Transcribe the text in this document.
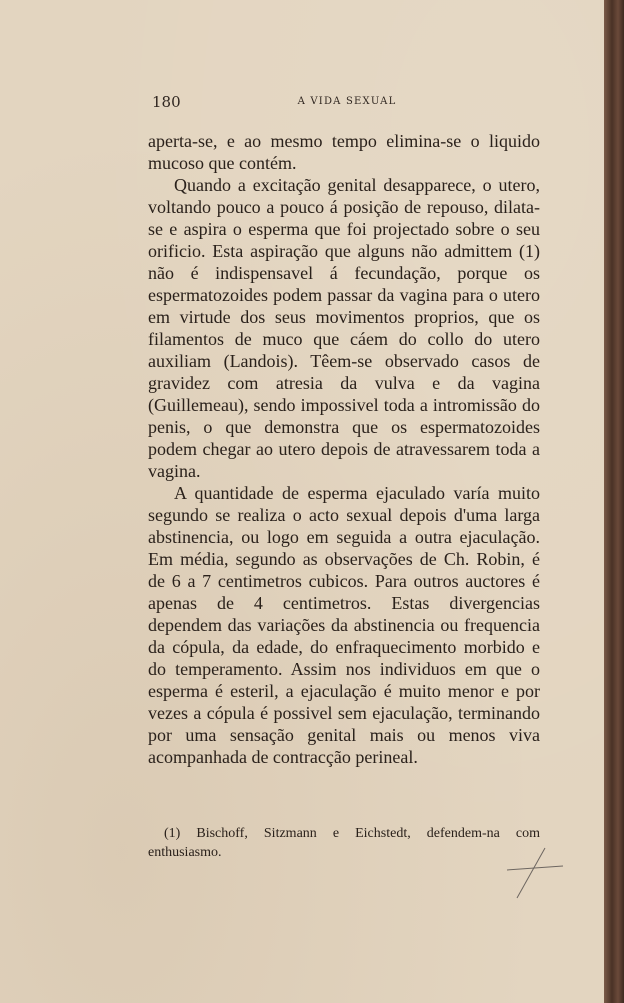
180	A VIDA SEXUAL

aperta-se, e ao mesmo tempo elimina-se o liquido mucoso que contém.

Quando a excitação genital desapparece, o utero, voltando pouco a pouco á posição de repouso, dilata-se e aspira o esperma que foi projectado sobre o seu orificio. Esta aspiração que alguns não admittem (1) não é indispensavel á fecundação, porque os espermatozoides podem passar da vagina para o utero em virtude dos seus movimentos proprios, que os filamentos de muco que cáem do collo do utero auxiliam (Landois). Têem-se observado casos de gravidez com atresia da vulva e da vagina (Guillemeau), sendo impossivel toda a intromissão do penis, o que demonstra que os espermatozoides podem chegar ao utero depois de atravessarem toda a vagina.

A quantidade de esperma ejaculado varía muito segundo se realiza o acto sexual depois d'uma larga abstinencia, ou logo em seguida a outra ejaculação. Em média, segundo as observações de Ch. Robin, é de 6 a 7 centimetros cubicos. Para outros auctores é apenas de 4 centimetros. Estas divergencias dependem das variações da abstinencia ou frequencia da cópula, da edade, do enfraquecimento morbido e do temperamento. Assim nos individuos em que o esperma é esteril, a ejaculação é muito menor e por vezes a cópula é possivel sem ejaculação, terminando por uma sensação genital mais ou menos viva acompanhada de contracção perineal.

(1) Bischoff, Sitzmann e Eichstedt, defendem-na com enthusiasmo.
